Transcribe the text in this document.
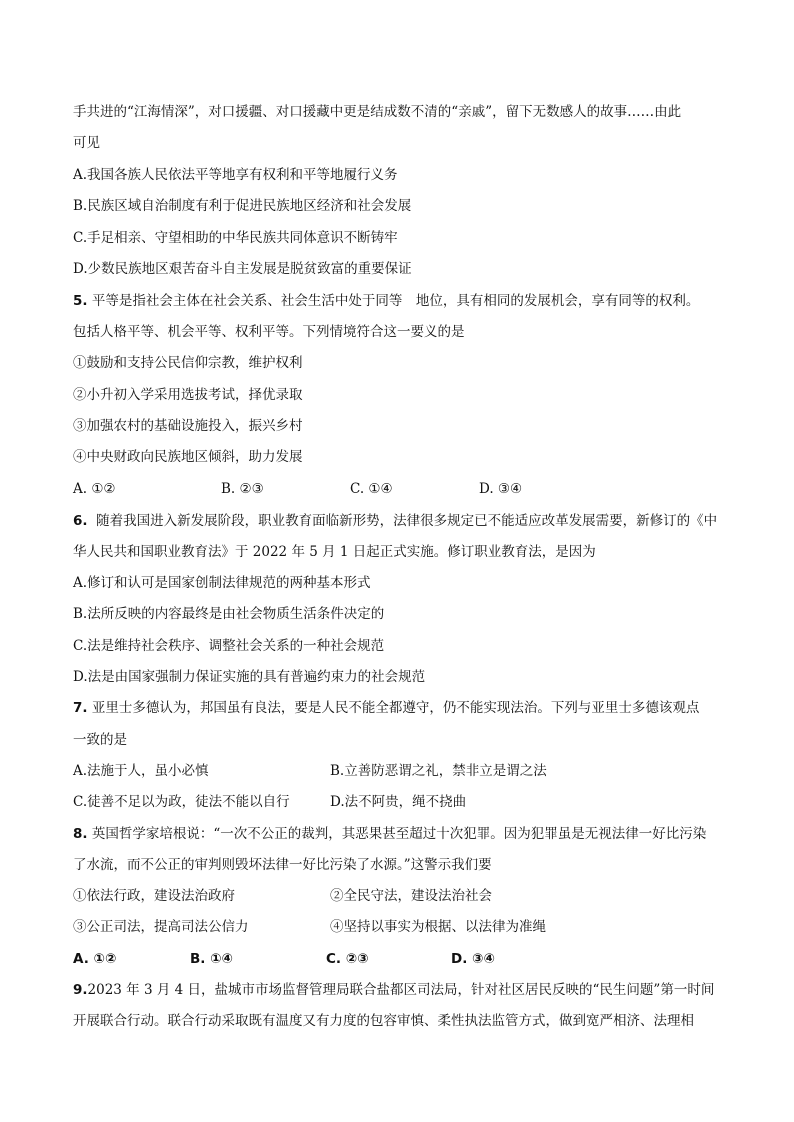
手共进的“江海情深”，对口援疆、对口援藏中更是结成数不清的“亲戚”，留下无数感人的故事……由此
可见
A.我国各族人民依法平等地享有权利和平等地履行义务
B.民族区域自治制度有利于促进民族地区经济和社会发展
C.手足相亲、守望相助的中华民族共同体意识不断铸牢
D.少数民族地区艰苦奋斗自主发展是脱贫致富的重要保证
5. 平等是指社会主体在社会关系、社会生活中处于同等　地位，具有相同的发展机会，享有同等的权利。
包括人格平等、机会平等、权利平等。下列情境符合这一要义的是
①鼓励和支持公民信仰宗教，维护权利
②小升初入学采用选拔考试，择优录取
③加强农村的基础设施投入，振兴乡村
④中央财政向民族地区倾斜，助力发展
A. ①②	B. ②③	C. ①④	D. ③④
6. 随着我国进入新发展阶段，职业教育面临新形势，法律很多规定已不能适应改革发展需要，新修订的《中
华人民共和国职业教育法》于 2022 年 5 月 1 日起正式实施。修订职业教育法，是因为
A.修订和认可是国家创制法律规范的两种基本形式
B.法所反映的内容最终是由社会物质生活条件决定的
C.法是维持社会秩序、调整社会关系的一种社会规范
D.法是由国家强制力保证实施的具有普遍约束力的社会规范
7. 亚里士多德认为，邦国虽有良法，要是人民不能全都遵守，仍不能实现法治。下列与亚里士多德该观点
一致的是
A.法施于人，虽小必慎	B.立善防恶谓之礼，禁非立是谓之法
C.徒善不足以为政，徒法不能以自行	D.法不阿贵，绳不挠曲
8. 英国哲学家培根说：“一次不公正的裁判，其恶果甚至超过十次犯罪。因为犯罪虽是无视法律一好比污染
了水流，而不公正的审判则毁坏法律一好比污染了水源。”这警示我们要
①依法行政，建设法治政府	②全民守法，建设法治社会
③公正司法，提高司法公信力	④坚持以事实为根据、以法律为准绳
A. ①②	B. ①④	C. ②③	D. ③④
9.2023 年 3 月 4 日，盐城市市场监督管理局联合盐都区司法局，针对社区居民反映的“民生问题”第一时间
开展联合行动。联合行动采取既有温度又有力度的包容审慎、柔性执法监管方式，做到宽严相济、法理相
